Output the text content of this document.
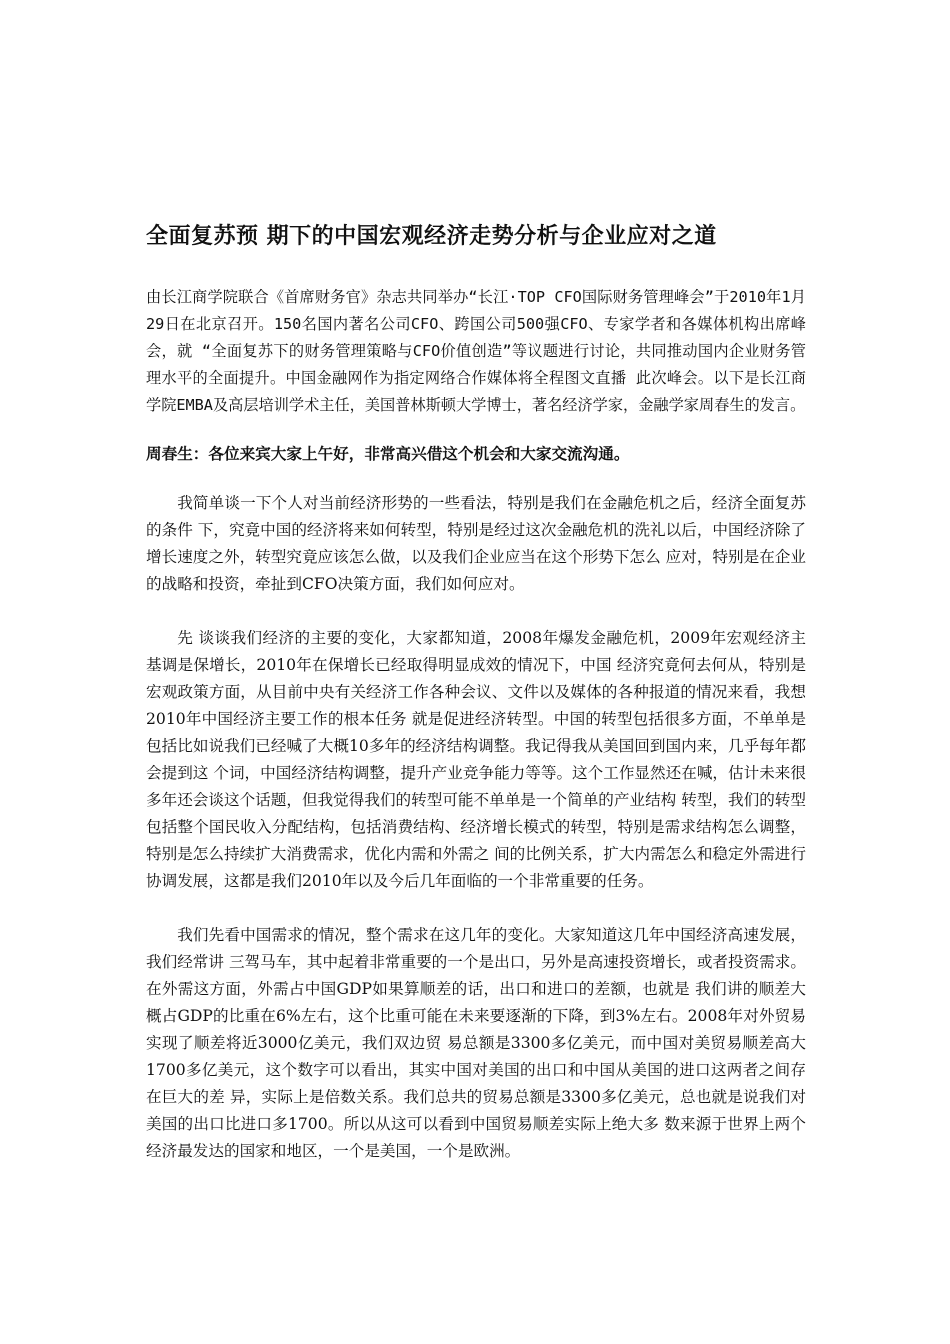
全面复苏预 期下的中国宏观经济走势分析与企业应对之道

由长江商学院联合《首席财务官》杂志共同举办“长江·TOP CFO国际财务管理峰会”于2010年1月29日在北京召开。150名国内著名公司CFO、跨国公司500强CFO、专家学者和各媒体机构出席峰会，就 “全面复苏下的财务管理策略与CFO价值创造”等议题进行讨论，共同推动国内企业财务管理水平的全面提升。中国金融网作为指定网络合作媒体将全程图文直播 此次峰会。以下是长江商学院EMBA及高层培训学术主任，美国普林斯顿大学博士，著名经济学家，金融学家周春生的发言。

周春生：各位来宾大家上午好，非常高兴借这个机会和大家交流沟通。

我简单谈一下个人对当前经济形势的一些看法，特别是我们在金融危机之后，经济全面复苏的条件 下，究竟中国的经济将来如何转型，特别是经过这次金融危机的洗礼以后，中国经济除了增长速度之外，转型究竟应该怎么做，以及我们企业应当在这个形势下怎么 应对，特别是在企业的战略和投资，牵扯到CFO决策方面，我们如何应对。

先 谈谈我们经济的主要的变化，大家都知道，2008年爆发金融危机，2009年宏观经济主基调是保增长，2010年在保增长已经取得明显成效的情况下，中国 经济究竟何去何从，特别是宏观政策方面，从目前中央有关经济工作各种会议、文件以及媒体的各种报道的情况来看，我想2010年中国经济主要工作的根本任务 就是促进经济转型。中国的转型包括很多方面，不单单是包括比如说我们已经喊了大概10多年的经济结构调整。我记得我从美国回到国内来，几乎每年都会提到这 个词，中国经济结构调整，提升产业竞争能力等等。这个工作显然还在喊，估计未来很多年还会谈这个话题，但我觉得我们的转型可能不单单是一个简单的产业结构 转型，我们的转型包括整个国民收入分配结构，包括消费结构、经济增长模式的转型，特别是需求结构怎么调整，特别是怎么持续扩大消费需求，优化内需和外需之 间的比例关系，扩大内需怎么和稳定外需进行协调发展，这都是我们2010年以及今后几年面临的一个非常重要的任务。

我们先看中国需求的情况，整个需求在这几年的变化。大家知道这几年中国经济高速发展，我们经常讲 三驾马车，其中起着非常重要的一个是出口，另外是高速投资增长，或者投资需求。在外需这方面，外需占中国GDP如果算顺差的话，出口和进口的差额，也就是 我们讲的顺差大概占GDP的比重在6%左右，这个比重可能在未来要逐渐的下降，到3%左右。2008年对外贸易实现了顺差将近3000亿美元，我们双边贸 易总额是3300多亿美元，而中国对美贸易顺差高大1700多亿美元，这个数字可以看出，其实中国对美国的出口和中国从美国的进口这两者之间存在巨大的差 异，实际上是倍数关系。我们总共的贸易总额是3300多亿美元，总也就是说我们对美国的出口比进口多1700。所以从这可以看到中国贸易顺差实际上绝大多 数来源于世界上两个经济最发达的国家和地区，一个是美国，一个是欧洲。
